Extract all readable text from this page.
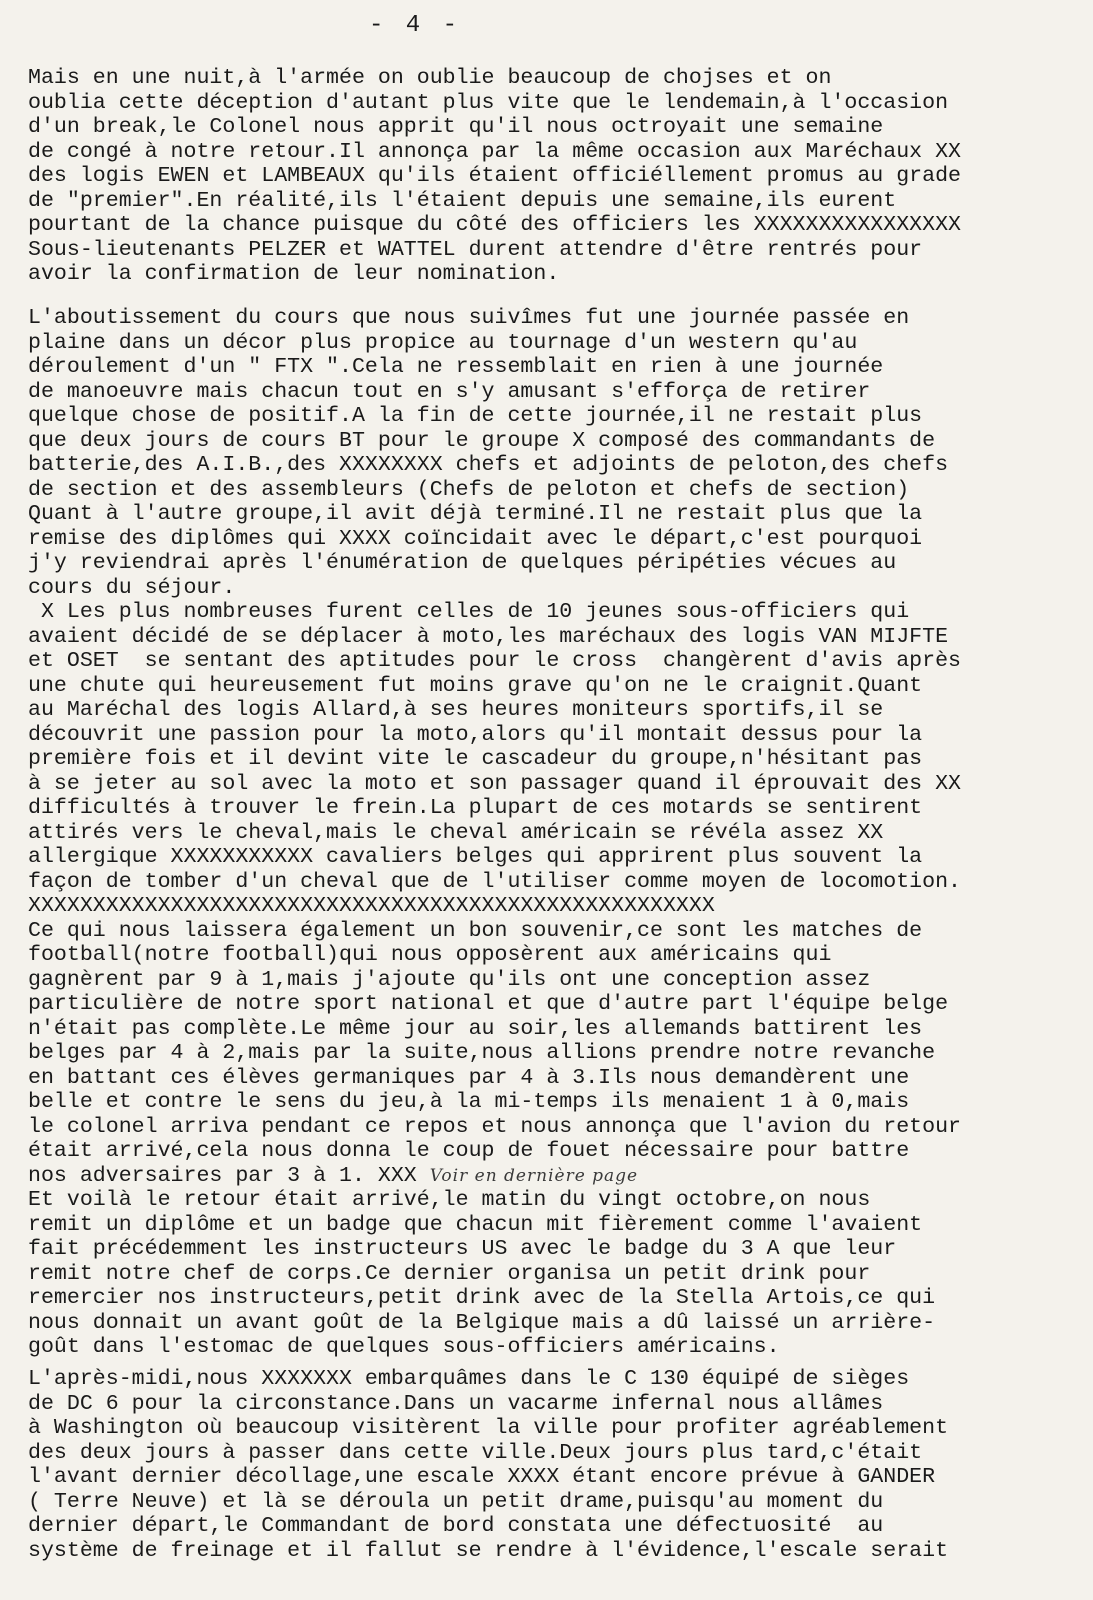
- 4 -
Mais en une nuit,à l'armée on oublie beaucoup de chojses et on
oublia cette déception d'autant plus vite que le lendemain,à l'occasion
d'un break,le Colonel nous apprit qu'il nous octroyait une semaine
de congé à notre retour.Il annonça par la même occasion aux Maréchaux XX
des logis EWEN et LAMBEAUX qu'ils étaient officiéllement promus au grade
de "premier".En réalité,ils l'étaient depuis une semaine,ils eurent
pourtant de la chance puisque du côté des officiers les XXXXXXXXXXXXXXXX
Sous-lieutenants PELZER et WATTEL durent attendre d'être rentrés pour
avoir la confirmation de leur nomination.
L'aboutissement du cours que nous suivîmes fut une journée passée en
plaine dans un décor plus propice au tournage d'un western qu'au
déroulement d'un " FTX ".Cela ne ressemblait en rien à une journée
de manoeuvre mais chacun tout en s'y amusant s'efforça de retirer
quelque chose de positif.A la fin de cette journée,il ne restait plus
que deux jours de cours BT pour le groupe X composé des commandants de
batterie,des A.I.B.,des XXXXXXXX chefs et adjoints de peloton,des chefs
de section et des assembleurs (Chefs de peloton et chefs de section)
Quant à l'autre groupe,il avit déjà terminé.Il ne restait plus que la
remise des diplômes qui XXXX coïncidait avec le départ,c'est pourquoi
j'y reviendrai après l'énumération de quelques péripéties vécues au
cours du séjour.
X Les plus nombreuses furent celles de 10 jeunes sous-officiers qui
avaient décidé de se déplacer à moto,les maréchaux des logis VAN MIJFTE
et OSET  se sentant des aptitudes pour le cross  changèrent d'avis après
une chute qui heureusement fut moins grave qu'on ne le craignit.Quant
au Maréchal des logis Allard,à ses heures moniteurs sportifs,il se
découvrit une passion pour la moto,alors qu'il montait dessus pour la
première fois et il devint vite le cascadeur du groupe,n'hésitant pas
à se jeter au sol avec la moto et son passager quand il éprouvait des XX
difficultés à trouver le frein.La plupart de ces motards se sentirent
attirés vers le cheval,mais le cheval américain se révéla assez XX
allergique XXXXXXXXXXX cavaliers belges qui apprirent plus souvent la
façon de tomber d'un cheval que de l'utiliser comme moyen de locomotion.
XXXXXXXXXXXXXXXXXXXXXXXXXXXXXXXXXXXXXXXXXXXXXXXXXXXXX
Ce qui nous laissera également un bon souvenir,ce sont les matches de
football(notre football)qui nous opposèrent aux américains qui
gagnèrent par 9 à 1,mais j'ajoute qu'ils ont une conception assez
particulière de notre sport national et que d'autre part l'équipe belge
n'était pas complète.Le même jour au soir,les allemands battirent les
belges par 4 à 2,mais par la suite,nous allions prendre notre revanche
en battant ces élèves germaniques par 4 à 3.Ils nous demandèrent une
belle et contre le sens du jeu,à la mi-temps ils menaient 1 à 0,mais
le colonel arriva pendant ce repos et nous annonça que l'avion du retour
était arrivé,cela nous donna le coup de fouet nécessaire pour battre
nos adversaires par 3 à 1. XXX Voir en dernière page
Et voilà le retour était arrivé,le matin du vingt octobre,on nous
remit un diplôme et un badge que chacun mit fièrement comme l'avaient
fait précédemment les instructeurs US avec le badge du 3 A que leur
remit notre chef de corps.Ce dernier organisa un petit drink pour
remercier nos instructeurs,petit drink avec de la Stella Artois,ce qui
nous donnait un avant goût de la Belgique mais a dû laissé un arrière-
goût dans l'estomac de quelques sous-officiers américains.
L'après-midi,nous XXXXXXX embarquâmes dans le C 130 équipé de sièges
de DC 6 pour la circonstance.Dans un vacarme infernal nous allâmes
à Washington où beaucoup visitèrent la ville pour profiter agréablement
des deux jours à passer dans cette ville.Deux jours plus tard,c'était
l'avant dernier décollage,une escale XXXX étant encore prévue à GANDER
( Terre Neuve) et là se déroula un petit drame,puisqu'au moment du
dernier départ,le Commandant de bord constata une défectuosité  au
système de freinage et il fallut se rendre à l'évidence,l'escale serait
